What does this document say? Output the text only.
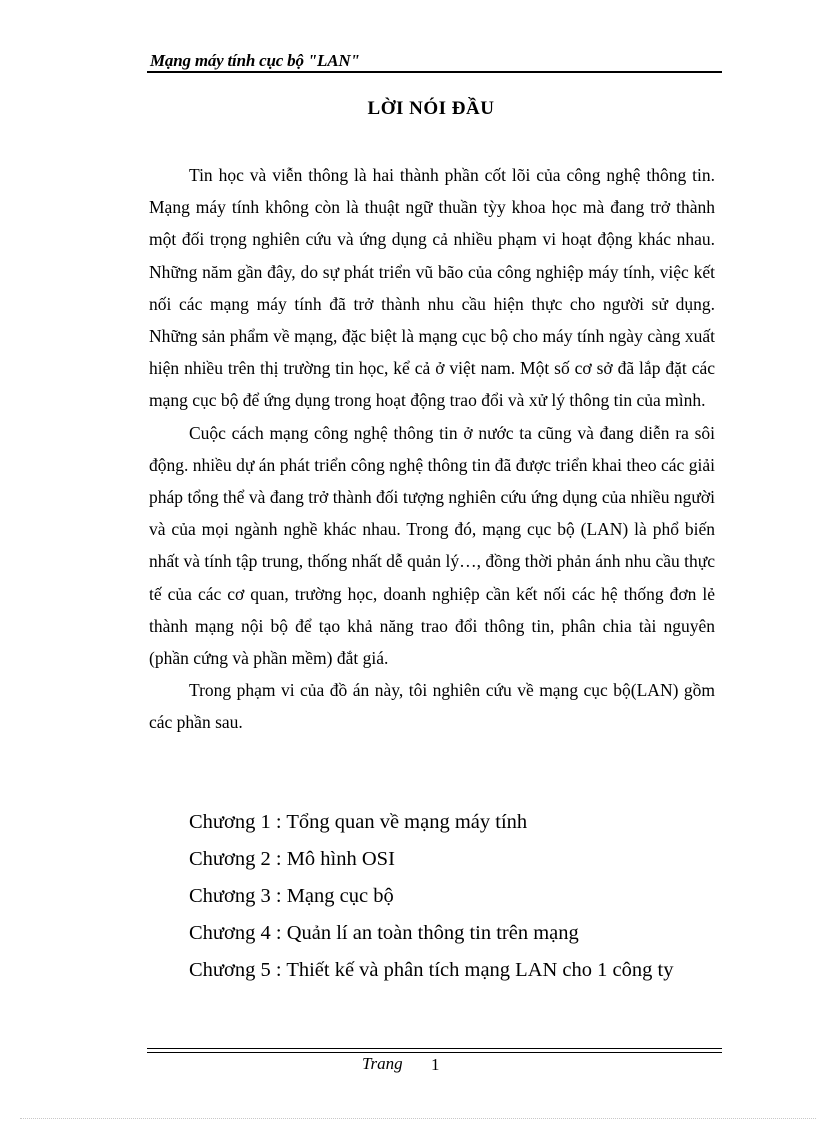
Mạng máy tính cục bộ "LAN"
LỜI NÓI ĐẦU

Tin học và viễn thông là hai thành phần cốt lõi của công nghệ thông tin. Mạng máy tính không còn là thuật ngữ thuần tỳy khoa học mà đang trở thành một đối trọng nghiên cứu và ứng dụng cả nhiều phạm vi hoạt động khác nhau. Những năm gần đây, do sự phát triển vũ bão của công nghiệp máy tính, việc kết nối các mạng máy tính đã trở thành nhu cầu hiện thực cho người sử dụng. Những sản phẩm về mạng, đặc biệt là mạng cục bộ cho máy tính ngày càng xuất hiện nhiều trên thị trường tin học, kể cả ở việt nam. Một số cơ sở đã lắp đặt các mạng cục bộ để ứng dụng trong hoạt động trao đổi và xử lý thông tin của mình.

Cuộc cách mạng công nghệ thông tin ở nước ta cũng và đang diễn ra sôi động. nhiều dự án phát triển công nghệ thông tin đã được triển khai theo các giải pháp tổng thể và đang trở thành đối tượng nghiên cứu ứng dụng của nhiều người và của mọi ngành nghề khác nhau. Trong đó, mạng cục bộ (LAN) là phổ biến nhất và tính tập trung, thống nhất dễ quản lý…, đồng thời phản ánh nhu cầu thực tế của các cơ quan, trường học, doanh nghiệp cần kết nối các hệ thống đơn lẻ thành mạng nội bộ để tạo khả năng trao đổi thông tin, phân chia tài nguyên (phần cứng và phần mềm) đắt giá.

Trong phạm vi của đồ án này, tôi nghiên cứu về mạng cục bộ(LAN) gồm các phần sau.

Chương 1 : Tổng quan về mạng máy tính
Chương 2 : Mô hình OSI
Chương 3 : Mạng cục bộ
Chương 4 : Quản lí an toàn thông tin trên mạng
Chương 5 : Thiết kế và phân tích mạng LAN cho 1 công ty
Trang 1
